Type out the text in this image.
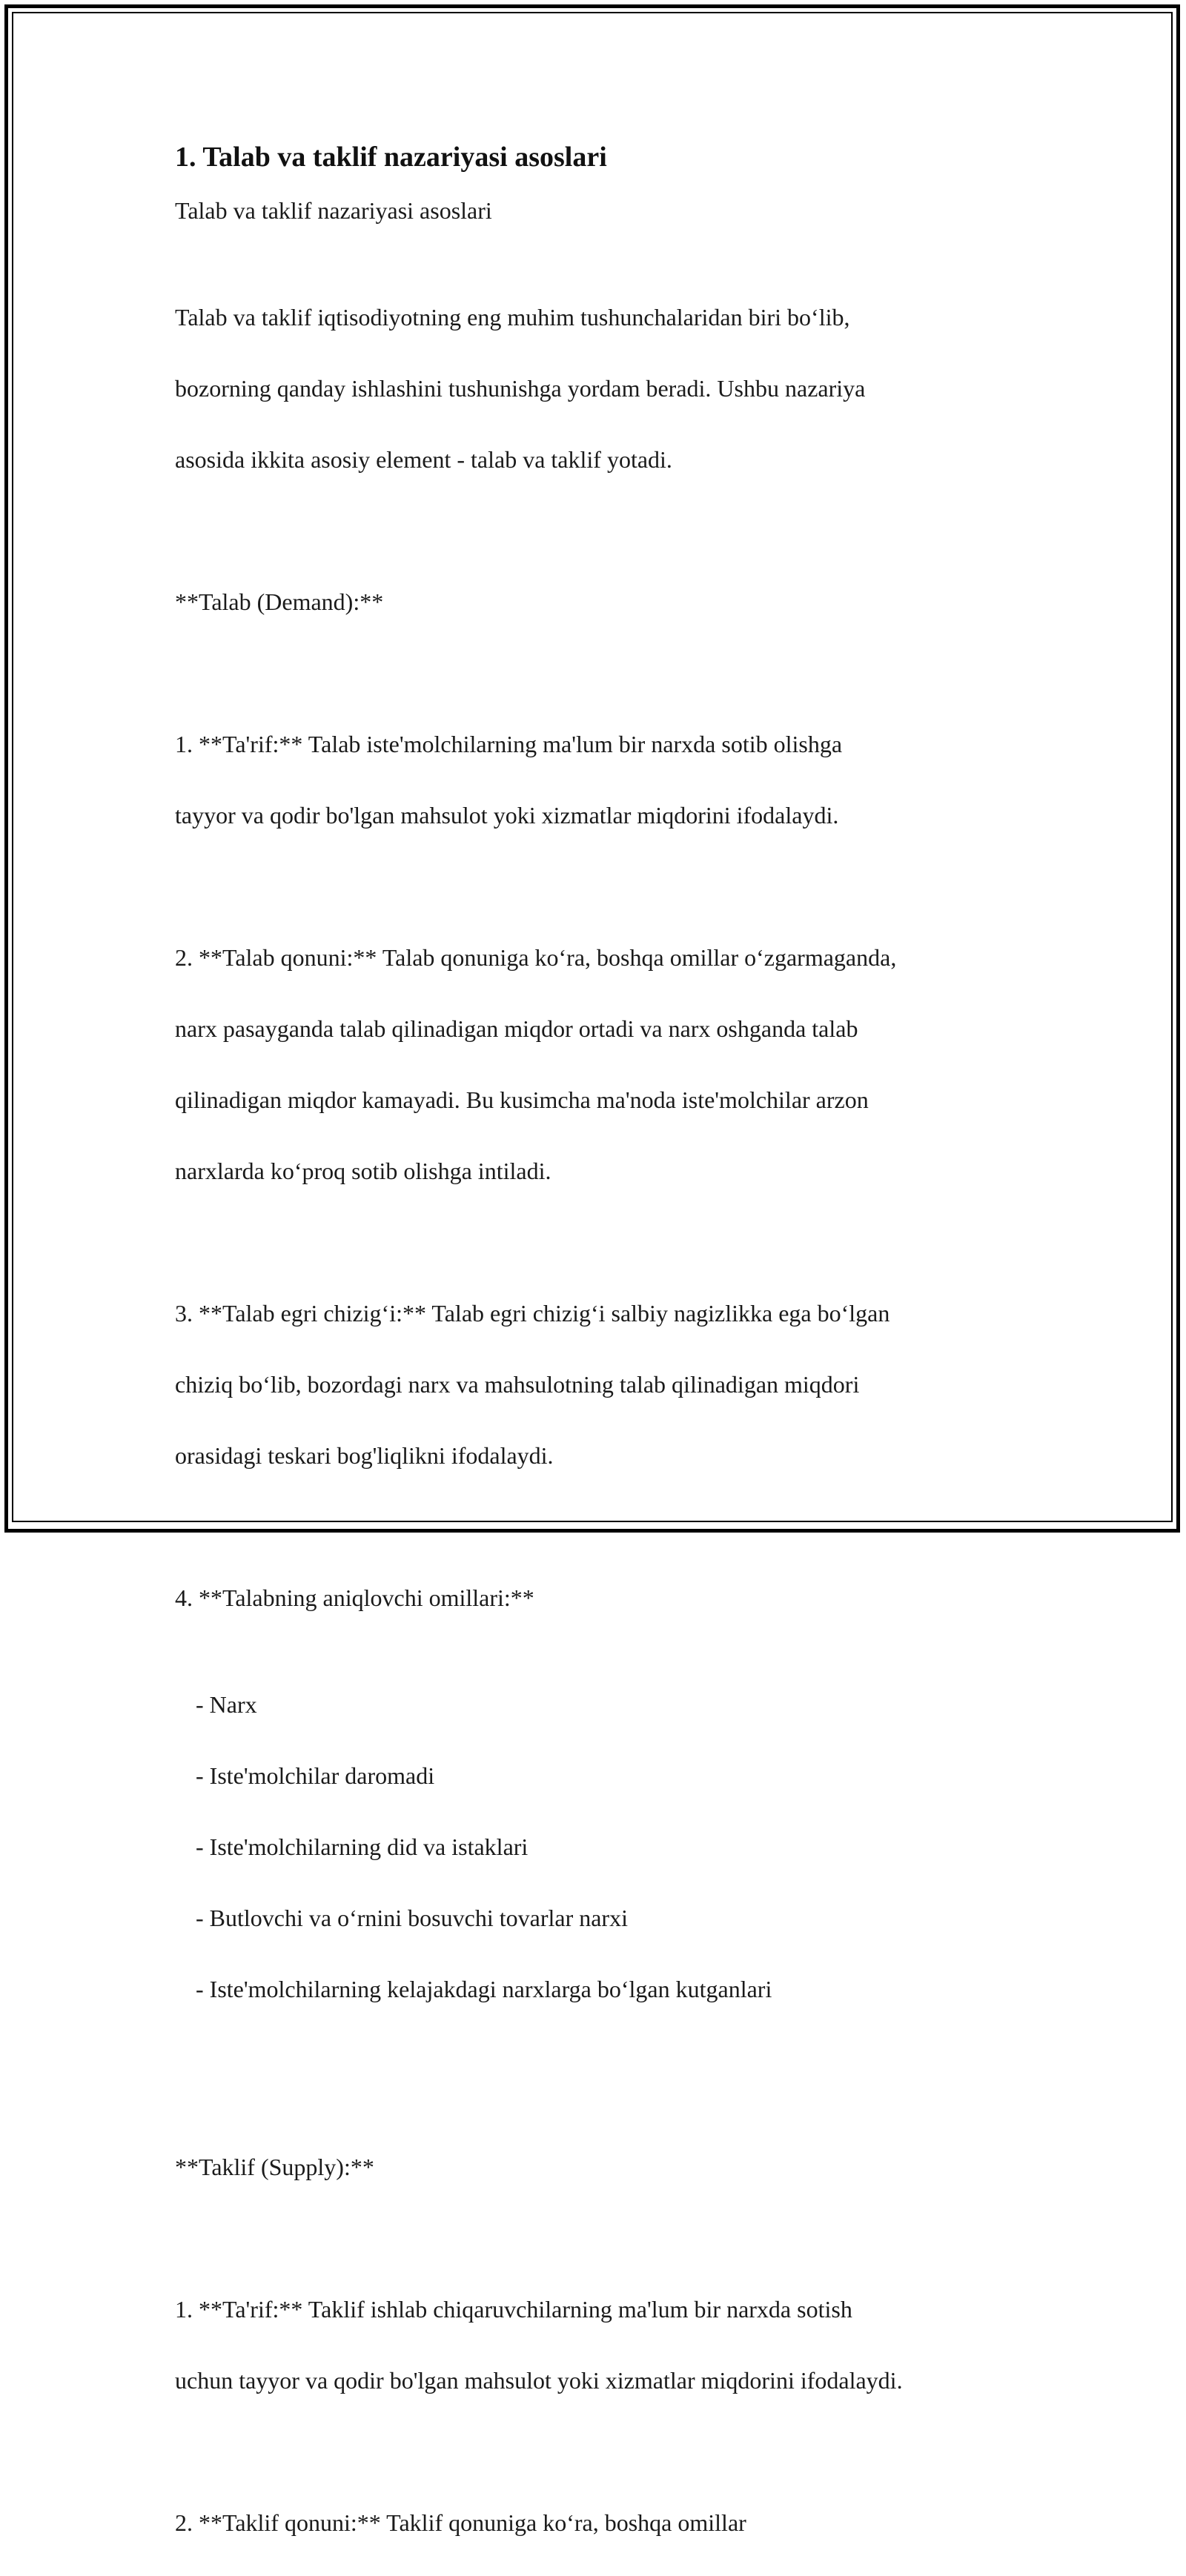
1. Talab va taklif nazariyasi asoslari

Talab va taklif nazariyasi asoslari

Talab va taklif iqtisodiyotning eng muhim tushunchalaridan biri bo‘lib,

bozorning qanday ishlashini tushunishga yordam beradi. Ushbu nazariya

asosida ikkita asosiy element - talab va taklif yotadi.

**Talab (Demand):**

1. **Ta'rif:** Talab iste'molchilarning ma'lum bir narxda sotib olishga

tayyor va qodir bo'lgan mahsulot yoki xizmatlar miqdorini ifodalaydi.

2. **Talab qonuni:** Talab qonuniga ko‘ra, boshqa omillar o‘zgarmaganda,

narx pasayganda talab qilinadigan miqdor ortadi va narx oshganda talab

qilinadigan miqdor kamayadi. Bu kusimcha ma'noda iste'molchilar arzon

narxlarda ko‘proq sotib olishga intiladi.

3. **Talab egri chizig‘i:** Talab egri chizig‘i salbiy nagizlikka ega bo‘lgan

chiziq bo‘lib, bozordagi narx va mahsulotning talab qilinadigan miqdori

orasidagi teskari bog'liqlikni ifodalaydi.

4. **Talabning aniqlovchi omillari:**

- Narx

- Iste'molchilar daromadi

- Iste'molchilarning did va istaklari

- Butlovchi va o‘rnini bosuvchi tovarlar narxi

- Iste'molchilarning kelajakdagi narxlarga bo‘lgan kutganlari

**Taklif (Supply):**

1. **Ta'rif:** Taklif ishlab chiqaruvchilarning ma'lum bir narxda sotish

uchun tayyor va qodir bo'lgan mahsulot yoki xizmatlar miqdorini ifodalaydi.

2. **Taklif qonuni:** Taklif qonuniga ko‘ra, boshqa omillar
